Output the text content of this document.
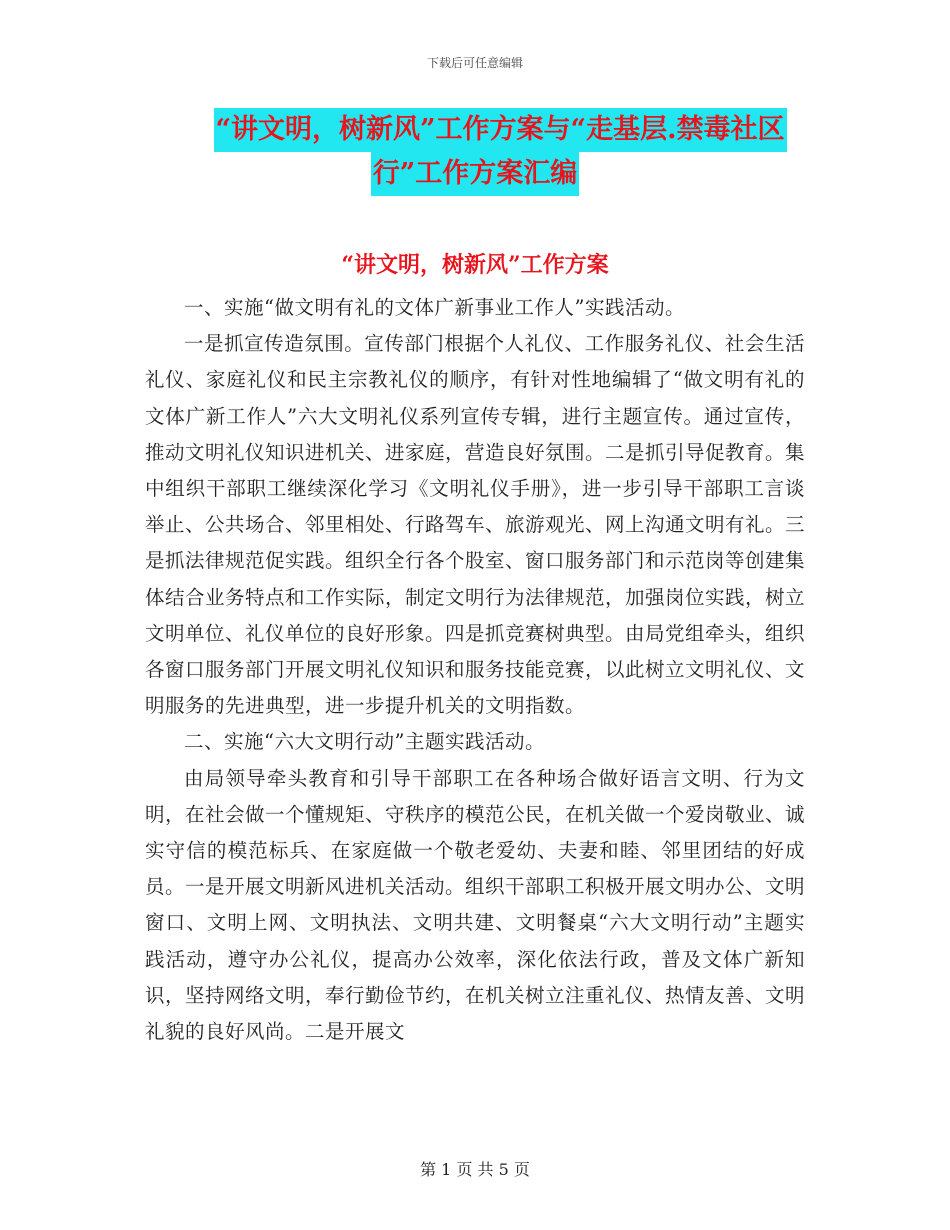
下载后可任意编辑
“讲文明，树新风”工作方案与“走基层.禁毒社区
行”工作方案汇编
“讲文明，树新风”工作方案

一、实施“做文明有礼的文体广新事业工作人”实践活动。

一是抓宣传造氛围。宣传部门根据个人礼仪、工作服务礼仪、社会生活礼仪、家庭礼仪和民主宗教礼仪的顺序，有针对性地编辑了“做文明有礼的文体广新工作人”六大文明礼仪系列宣传专辑，进行主题宣传。通过宣传，推动文明礼仪知识进机关、进家庭，营造良好氛围。二是抓引导促教育。集中组织干部职工继续深化学习《文明礼仪手册》，进一步引导干部职工言谈举止、公共场合、邻里相处、行路驾车、旅游观光、网上沟通文明有礼。三是抓法律规范促实践。组织全行各个股室、窗口服务部门和示范岗等创建集体结合业务特点和工作实际，制定文明行为法律规范，加强岗位实践，树立文明单位、礼仪单位的良好形象。四是抓竞赛树典型。由局党组牵头，组织各窗口服务部门开展文明礼仪知识和服务技能竞赛，以此树立文明礼仪、文明服务的先进典型，进一步提升机关的文明指数。

二、实施“六大文明行动”主题实践活动。

由局领导牵头教育和引导干部职工在各种场合做好语言文明、行为文明，在社会做一个懂规矩、守秩序的模范公民，在机关做一个爱岗敬业、诚实守信的模范标兵、在家庭做一个敬老爱幼、夫妻和睦、邻里团结的好成员。一是开展文明新风进机关活动。组织干部职工积极开展文明办公、文明窗口、文明上网、文明执法、文明共建、文明餐桌“六大文明行动”主题实践活动，遵守办公礼仪，提高办公效率，深化依法行政，普及文体广新知识，坚持网络文明，奉行勤俭节约，在机关树立注重礼仪、热情友善、文明礼貌的良好风尚。二是开展文

第 1 页 共 5 页
